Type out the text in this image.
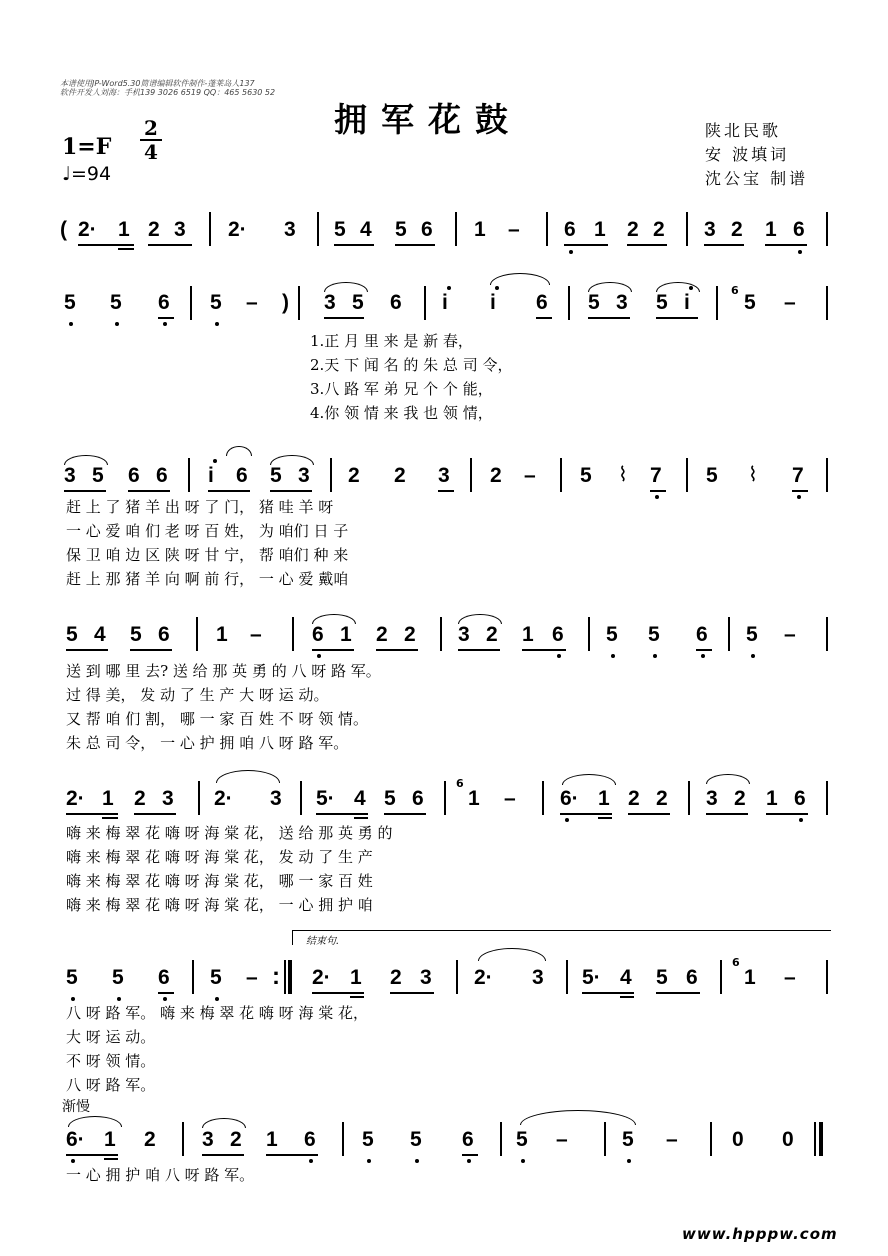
本谱使用JP-Word5.30简谱编辑软件制作-蓬莱岛人137
软件开发人刘海：手机139 3026 6519 QQ：465 5630 52
拥军花鼓
1=F
2
4
♩=94
陕北民歌
安 波填词
沈公宝 制谱
( 2· 1 2 3 2· 3 5 4 5 6 1 – 6 1 2 2 3 2 1 6
5 5 6 5 – ) 3 5 6 i i 6 5 3 5 i
6
5 –
1.正 月 里 来 是 新 春，
2.天 下 闻 名 的 朱 总 司 令，
3.八 路 军 弟 兄 个 个 能，
4.你 领 情 来 我 也 领 情，
3 5 6 6 i 6 5 3 2 2 3 2 – 5 ⌇ 7 5 ⌇ 7
赶 上 了 猪 羊 出 呀 了 门， 猪 哇 羊 呀
一 心 爱 咱 们 老 呀 百 姓， 为 咱们 日 子
保 卫 咱 边 区 陕 呀 甘 宁， 帮 咱们 种 来
赶 上 那 猪 羊 向 啊 前 行， 一 心 爱 戴咱
5 4 5 6 1 – 6 1 2 2 3 2 1 6 5 5 6 5 –
送 到 哪 里 去? 送 给 那 英 勇 的 八 呀 路 军。
过 得 美， 发 动 了 生 产 大 呀 运 动。
又 帮 咱 们 割， 哪 一 家 百 姓 不 呀 领 情。
朱 总 司 令， 一 心 护 拥 咱 八 呀 路 军。
2· 1 2 3 2· 3 5· 4 5 6
6
1 – 6· 1 2 2 3 2 1 6
嗨 来 梅 翠 花 嗨 呀 海 棠 花， 送 给 那 英 勇 的
嗨 来 梅 翠 花 嗨 呀 海 棠 花， 发 动 了 生 产
嗨 来 梅 翠 花 嗨 呀 海 棠 花， 哪 一 家 百 姓
嗨 来 梅 翠 花 嗨 呀 海 棠 花， 一 心 拥 护 咱
结束句.
5 5 6 5 – : 2· 1 2 3 2· 3 5· 4 5 6
6
1 –
八 呀 路 军。 嗨 来 梅 翠 花 嗨 呀 海 棠 花，
大 呀 运 动。
不 呀 领 情。
八 呀 路 军。
渐慢
6· 1 2 3 2 1 6 5 5 6 5 –	5 –	0 0
一 心 拥 护 咱 八 呀 路 军。
www.hpppw.com
